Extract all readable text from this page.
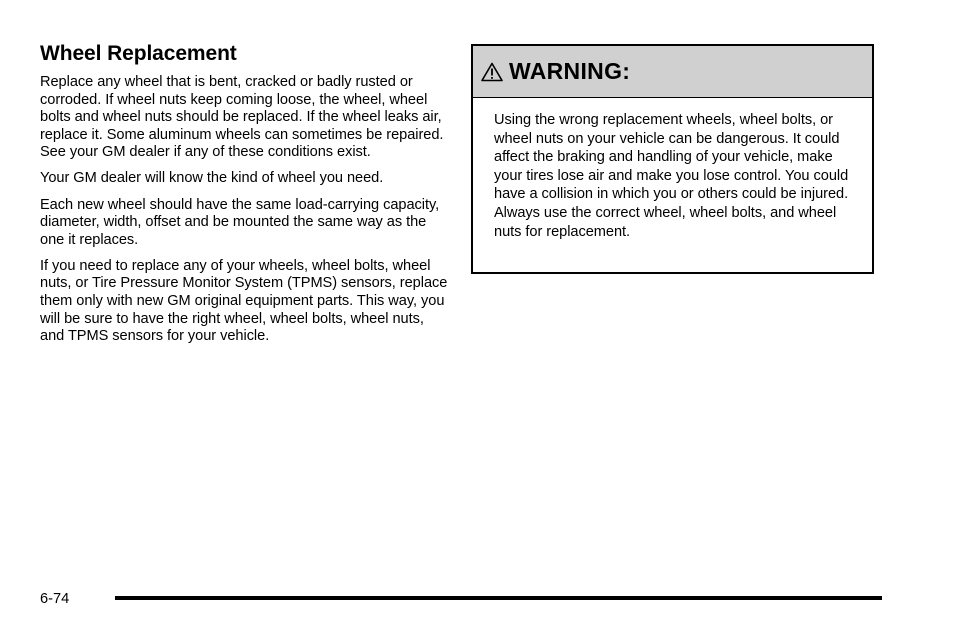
Wheel Replacement

Replace any wheel that is bent, cracked or badly rusted or corroded. If wheel nuts keep coming loose, the wheel, wheel bolts and wheel nuts should be replaced. If the wheel leaks air, replace it. Some aluminum wheels can sometimes be repaired. See your GM dealer if any of these conditions exist.

Your GM dealer will know the kind of wheel you need.

Each new wheel should have the same load-carrying capacity, diameter, width, offset and be mounted the same way as the one it replaces.

If you need to replace any of your wheels, wheel bolts, wheel nuts, or Tire Pressure Monitor System (TPMS) sensors, replace them only with new GM original equipment parts. This way, you will be sure to have the right wheel, wheel bolts, wheel nuts, and TPMS sensors for your vehicle.

WARNING:
Using the wrong replacement wheels, wheel bolts, or wheel nuts on your vehicle can be dangerous. It could affect the braking and handling of your vehicle, make your tires lose air and make you lose control. You could have a collision in which you or others could be injured. Always use the correct wheel, wheel bolts, and wheel nuts for replacement.
6-74
